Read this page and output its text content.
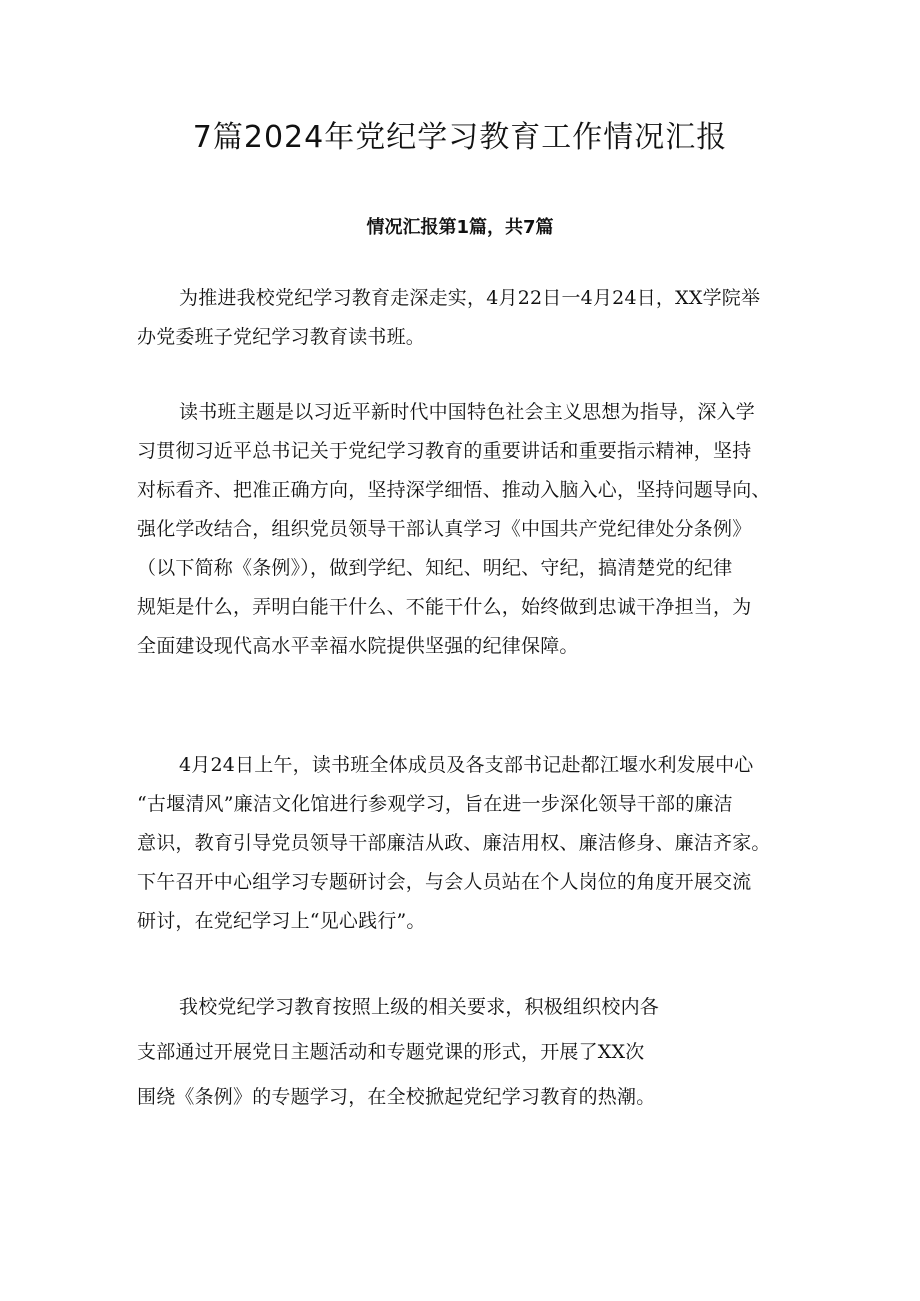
7篇2024年党纪学习教育工作情况汇报
情况汇报第1篇，共7篇
为推进我校党纪学习教育走深走实，4月22日一4月24日，XX学院举
办党委班子党纪学习教育读书班。
读书班主题是以习近平新时代中国特色社会主义思想为指导，深入学
习贯彻习近平总书记关于党纪学习教育的重要讲话和重要指示精神，坚持
对标看齐、把准正确方向，坚持深学细悟、推动入脑入心，坚持问题导向、
强化学改结合，组织党员领导干部认真学习《中国共产党纪律处分条例》
（以下简称《条例》），做到学纪、知纪、明纪、守纪，搞清楚党的纪律
规矩是什么，弄明白能干什么、不能干什么，始终做到忠诚干净担当，为
全面建设现代高水平幸福水院提供坚强的纪律保障。
4月24日上午，读书班全体成员及各支部书记赴都江堰水利发展中心
“古堰清风”廉洁文化馆进行参观学习，旨在进一步深化领导干部的廉洁
意识，教育引导党员领导干部廉洁从政、廉洁用权、廉洁修身、廉洁齐家。
下午召开中心组学习专题研讨会，与会人员站在个人岗位的角度开展交流
研讨，在党纪学习上“见心践行”。
我校党纪学习教育按照上级的相关要求，积极组织校内各
支部通过开展党日主题活动和专题党课的形式，开展了XX次
围绕《条例》的专题学习，在全校掀起党纪学习教育的热潮。
